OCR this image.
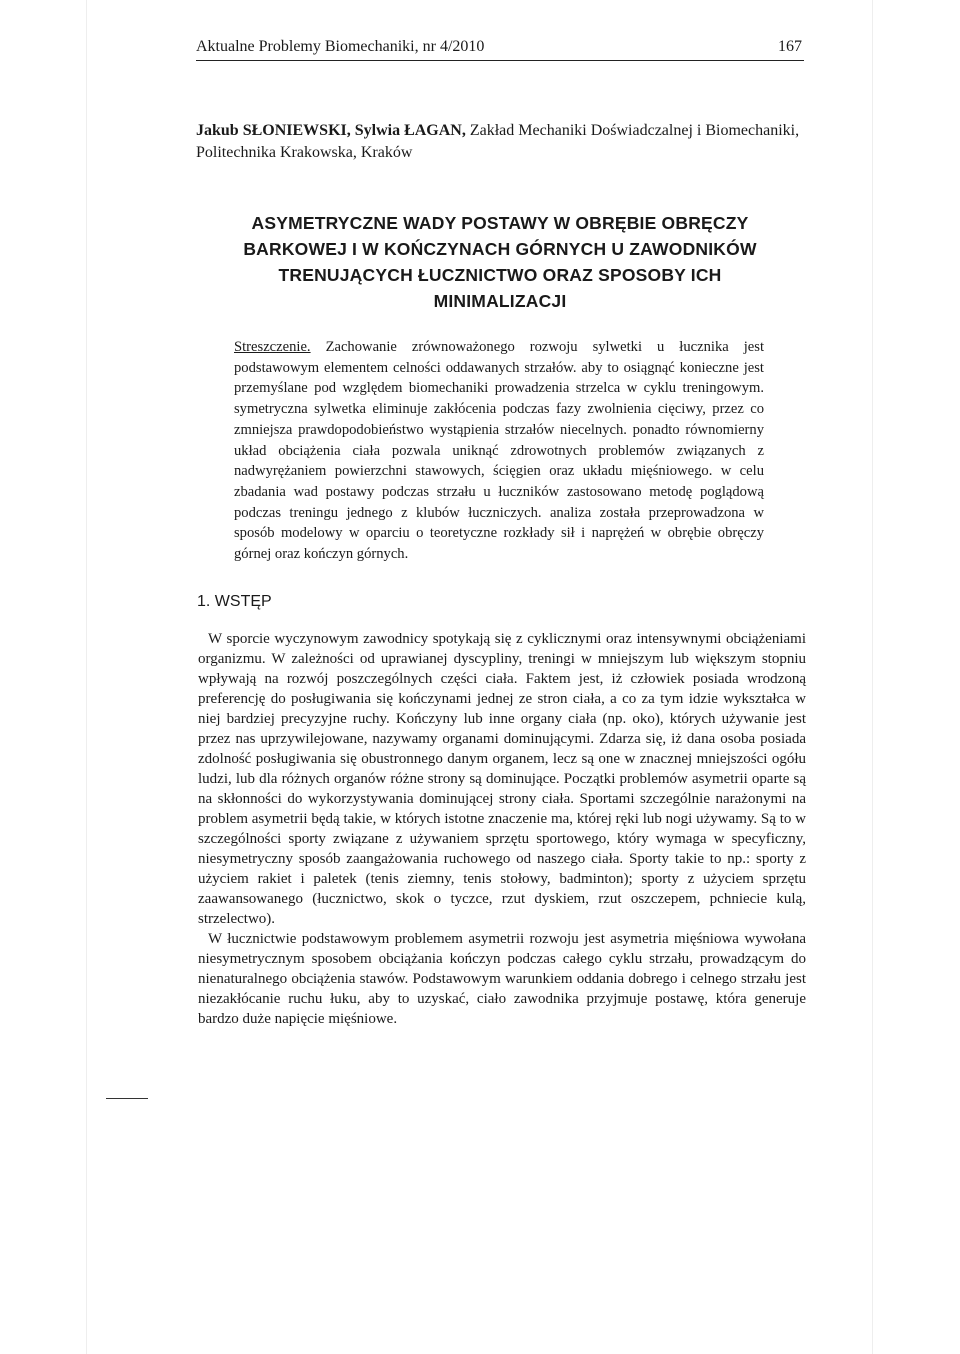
Aktualne Problemy Biomechaniki, nr 4/2010	167
Jakub SŁONIEWSKI, Sylwia ŁAGAN, Zakład Mechaniki Doświadczalnej i Biomechaniki, Politechnika Krakowska, Kraków
ASYMETRYCZNE WADY POSTAWY W OBRĘBIE OBRĘCZY BARKOWEJ I W KOŃCZYNACH GÓRNYCH U ZAWODNIKÓW TRENUJĄCYCH ŁUCZNICTWO ORAZ SPOSOBY ICH MINIMALIZACJI
Streszczenie. Zachowanie zrównoważonego rozwoju sylwetki u łucznika jest podstawowym elementem celności oddawanych strzałów. aby to osiągnąć konieczne jest przemyślane pod względem biomechaniki prowadzenia strzelca w cyklu treningowym. symetryczna sylwetka eliminuje zakłócenia podczas fazy zwolnienia cięciwy, przez co zmniejsza prawdopodobieństwo wystąpienia strzałów niecelnych. ponadto równomierny układ obciążenia ciała pozwala uniknąć zdrowotnych problemów związanych z nadwyrężaniem powierzchni stawowych, ścięgien oraz układu mięśniowego. w celu zbadania wad postawy podczas strzału u łuczników zastosowano metodę poglądową podczas treningu jednego z klubów łuczniczych. analiza została przeprowadzona w sposób modelowy w oparciu o teoretyczne rozkłady sił i naprężeń w obrębie obręczy górnej oraz kończyn górnych.
1. WSTĘP

W sporcie wyczynowym zawodnicy spotykają się z cyklicznymi oraz intensywnymi obciążeniami organizmu. W zależności od uprawianej dyscypliny, treningi w mniejszym lub większym stopniu wpływają na rozwój poszczególnych części ciała. Faktem jest, iż człowiek posiada wrodzoną preferencję do posługiwania się kończynami jednej ze stron ciała, a co za tym idzie wykształca w niej bardziej precyzyjne ruchy. Kończyny lub inne organy ciała (np. oko), których używanie jest przez nas uprzywilejowane, nazywamy organami dominującymi. Zdarza się, iż dana osoba posiada zdolność posługiwania się obustronnego danym organem, lecz są one w znacznej mniejszości ogółu ludzi, lub dla różnych organów różne strony są dominujące. Początki problemów asymetrii oparte są na skłonności do wykorzystywania dominującej strony ciała. Sportami szczególnie narażonymi na problem asymetrii będą takie, w których istotne znaczenie ma, której ręki lub nogi używamy. Są to w szczególności sporty związane z używaniem sprzętu sportowego, który wymaga w specyficzny, niesymetryczny sposób zaangażowania ruchowego od naszego ciała. Sporty takie to np.: sporty z użyciem rakiet i paletek (tenis ziemny, tenis stołowy, badminton); sporty z użyciem sprzętu zaawansowanego (łucznictwo, skok o tyczce, rzut dyskiem, rzut oszczepem, pchniecie kulą, strzelectwo).

W łucznictwie podstawowym problemem asymetrii rozwoju jest asymetria mięśniowa wywołana niesymetrycznym sposobem obciążania kończyn podczas całego cyklu strzału, prowadzącym do nienaturalnego obciążenia stawów. Podstawowym warunkiem oddania dobrego i celnego strzału jest niezakłócanie ruchu łuku, aby to uzyskać, ciało zawodnika przyjmuje postawę, która generuje bardzo duże napięcie mięśniowe.
